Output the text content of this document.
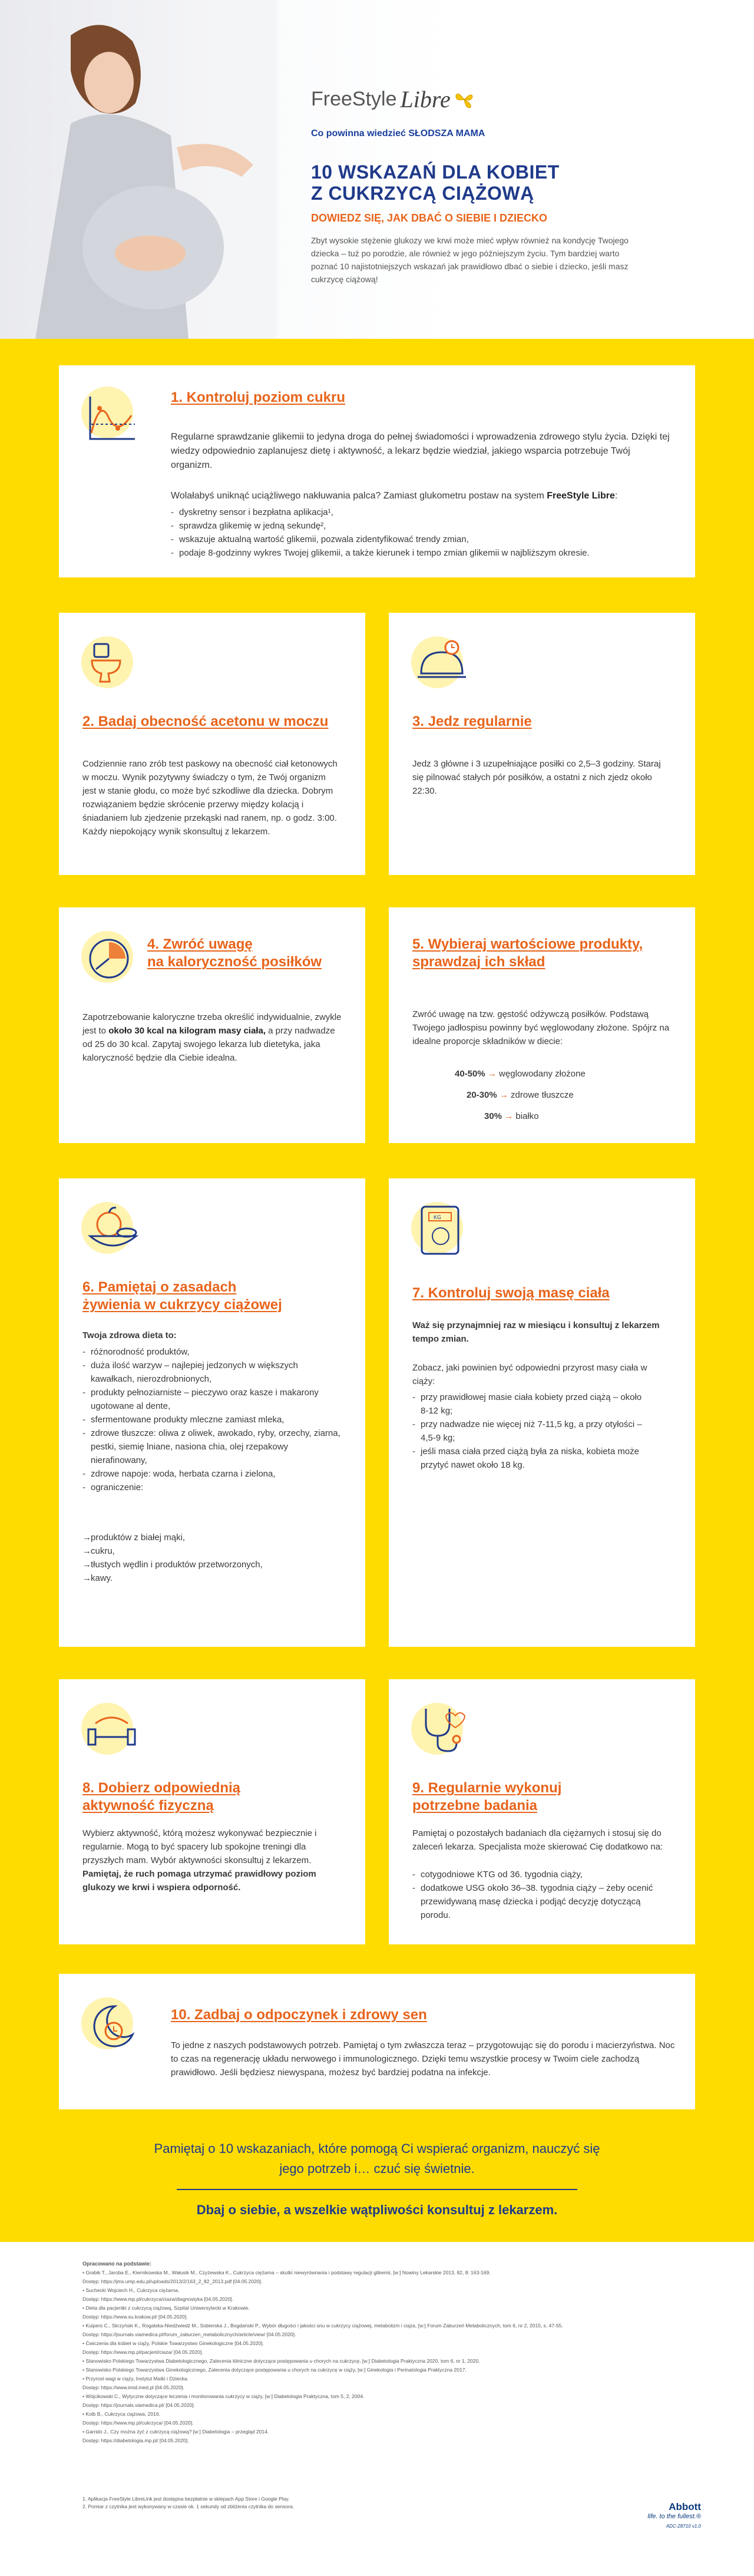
FreeStyle Libre
Co powinna wiedzieć SŁODSZA MAMA
10 WSKAZAŃ DLA KOBIET
Z CUKRZYCĄ CIĄŻOWĄ
DOWIEDZ SIĘ, JAK DBAĆ O SIEBIE I DZIECKO
Zbyt wysokie stężenie glukozy we krwi może mieć wpływ również na kondycję Twojego dziecka – tuż po porodzie, ale również w jego późniejszym życiu. Tym bardziej warto poznać 10 najistotniejszych wskazań jak prawidłowo dbać o siebie i dziecko, jeśli masz cukrzycę ciążową!
1. Kontroluj poziom cukru
Regularne sprawdzanie glikemii to jedyna droga do pełnej świadomości i wprowadzenia zdrowego stylu życia. Dzięki tej wiedzy odpowiednio zaplanujesz dietę i aktywność, a lekarz będzie wiedział, jakiego wsparcia potrzebuje Twój organizm.
Wolałabyś uniknąć uciążliwego nakłuwania palca? Zamiast glukometru postaw na system FreeStyle Libre:
- dyskretny sensor i bezpłatna aplikacja¹,
- sprawdza glikemię w jedną sekundę²,
- wskazuje aktualną wartość glikemii, pozwala zidentyfikować trendy zmian,
- podaje 8-godzinny wykres Twojej glikemii, a także kierunek i tempo zmian glikemii w najbliższym okresie.
2. Badaj obecność acetonu w moczu
Codziennie rano zrób test paskowy na obecność ciał ketonowych w moczu. Wynik pozytywny świadczy o tym, że Twój organizm jest w stanie głodu, co może być szkodliwe dla dziecka. Dobrym rozwiązaniem będzie skrócenie przerwy między kolacją i śniadaniem lub zjedzenie przekąski nad ranem, np. o godz. 3:00. Każdy niepokojący wynik skonsultuj z lekarzem.
3. Jedz regularnie
Jedz 3 główne i 3 uzupełniające posiłki co 2,5–3 godziny. Staraj się pilnować stałych pór posiłków, a ostatni z nich zjedz około 22:30.
4. Zwróć uwagę
na kaloryczność posiłków
Zapotrzebowanie kaloryczne trzeba określić indywidualnie, zwykle jest to około 30 kcal na kilogram masy ciała, a przy nadwadze od 25 do 30 kcal. Zapytaj swojego lekarza lub dietetyka, jaka kaloryczność będzie dla Ciebie idealna.
5. Wybieraj wartościowe produkty,
sprawdzaj ich skład
Zwróć uwagę na tzw. gęstość odżywczą posiłków. Podstawą Twojego jadłospisu powinny być węglowodany złożone. Spójrz na idealne proporcje składników w diecie:
40-50% → węglowodany złożone
20-30% → zdrowe tłuszcze
30% → białko
6. Pamiętaj o zasadach
żywienia w cukrzycy ciążowej
Twoja zdrowa dieta to:
- różnorodność produktów,
- duża ilość warzyw – najlepiej jedzonych w większych kawałkach, nierozdrobnionych,
- produkty pełnoziarniste – pieczywo oraz kasze i makarony ugotowane al dente,
- sfermentowane produkty mleczne zamiast mleka,
- zdrowe tłuszcze: oliwa z oliwek, awokado, ryby, orzechy, ziarna, pestki, siemię lniane, nasiona chia, olej rzepakowy nierafinowany,
- zdrowe napoje: woda, herbata czarna i zielona,
- ograniczenie:
→ produktów z białej mąki,
→ cukru,
→ tłustych wędlin i produktów przetworzonych,
→ kawy.
KG
7. Kontroluj swoją masę ciała
Waż się przynajmniej raz w miesiącu i konsultuj z lekarzem tempo zmian.
Zobacz, jaki powinien być odpowiedni przyrost masy ciała w ciąży:
- przy prawidłowej masie ciała kobiety przed ciążą – około 8-12 kg;
- przy nadwadze nie więcej niż 7-11,5 kg, a przy otyłości – 4,5-9 kg;
- jeśli masa ciała przed ciążą była za niska, kobieta może przytyć nawet około 18 kg.
8. Dobierz odpowiednią
aktywność fizyczną
Wybierz aktywność, którą możesz wykonywać bezpiecznie i regularnie. Mogą to być spacery lub spokojne treningi dla przyszłych mam. Wybór aktywności skonsultuj z lekarzem. Pamiętaj, że ruch pomaga utrzymać prawidłowy poziom glukozy we krwi i wspiera odporność.
9. Regularnie wykonuj
potrzebne badania
Pamiętaj o pozostałych badaniach dla ciężarnych i stosuj się do zaleceń lekarza. Specjalista może skierować Cię dodatkowo na:
- cotygodniowe KTG od 36. tygodnia ciąży,
- dodatkowe USG około 36–38. tygodnia ciąży – żeby ocenić przewidywaną masę dziecka i podjąć decyzję dotyczącą porodu.
10. Zadbaj o odpoczynek i zdrowy sen
To jedne z naszych podstawowych potrzeb. Pamiętaj o tym zwłaszcza teraz – przygotowując się do porodu i macierzyństwa. Noc to czas na regenerację układu nerwowego i immunologicznego. Dzięki temu wszystkie procesy w Twoim ciele zachodzą prawidłowo. Jeśli będziesz niewyspana, możesz być bardziej podatna na infekcje.
Pamiętaj o 10 wskazaniach, które pomogą Ci wspierać organizm, nauczyć się
jego potrzeb i… czuć się świetnie.
Dbaj o siebie, a wszelkie wątpliwości konsultuj z lekarzem.
Opracowano na podstawie:
• Grabik T., Jaroba E., Kiernikowska M., Wałusik M., Czyżewska K., Cukrzyca ciężarna – skutki niewyrównania i podstawy regulacji glikemii, [w:] Nowiny Lekarskie 2013, 82, 8: 163-169.
Dostęp: https://jms.ump.edu.pl/uploads/2013/2/163_2_82_2013.pdf [04.05.2020].
• Suchecki Wojciech H., Cukrzyca ciężarna.
Dostęp: https://www.mp.pl/cukrzyca/ciaza/diagnostyka [04.05.2020].
• Dieta dla pacjentki z cukrzycą ciążową, Szpital Uniwersytecki w Krakowie.
Dostęp: https://www.su.krakow.pl/ [04.05.2020].
• Kuipers C., Skrzyński K., Rogalska-Niedźwiedź M., Sobierska J., Bogdański P., Wybór długości i jakości snu w cukrzycy ciążowej, metabolizm i ciąża, [w:] Forum Zaburzeń Metabolicznych, tom 6, nr 2, 2015, s. 47-55.
Dostęp: https://journals.viamedica.pl/forum_zaburzen_metabolicznych/article/view/ [04.05.2020].
• Ćwiczenia dla kobiet w ciąży, Polskie Towarzystwo Ginekologiczne [04.05.2020].
Dostęp: https://www.mp.pl/pacjent/ciaza/ [04.05.2020].
• Stanowisko Polskiego Towarzystwa Diabetologicznego, Zalecenia kliniczne dotyczące postępowania u chorych na cukrzycę, [w:] Diabetologia Praktyczna 2020, tom 6, nr 1, 2020.
• Stanowisko Polskiego Towarzystwa Ginekologicznego, Zalecenia dotyczące postępowania u chorych na cukrzycę w ciąży, [w:] Ginekologia i Perinatologia Praktyczna 2017.
• Przyrost wagi w ciąży, Instytut Matki i Dziecka.
Dostęp: https://www.imid.med.pl [04.05.2020].
• Wójcikowski C., Wytyczne dotyczące leczenia i monitorowania cukrzycy w ciąży, [w:] Diabetologia Praktyczna, tom 5, 2, 2004.
Dostęp: https://journals.viamedica.pl/ [04.05.2020].
• Kolb B., Cukrzyca ciążowa, 2016.
Dostęp: https://www.mp.pl/cukrzyca/ [04.05.2020].
• Garrido J., Czy można żyć z cukrzycą ciążową? [w:] Diabetologia – przegląd 2014.
Dostęp: https://diabetologia.mp.pl/ [04.05.2020].
1. Aplikacja FreeStyle LibreLink jest dostępna bezpłatnie w sklepach App Store i Google Play.
2. Pomiar z czytnika jest wykonywany w czasie ok. 1 sekundy od zbliżenia czytnika do sensora.	Abbott
life. to the fullest.®
ADC-28710 v1.0
